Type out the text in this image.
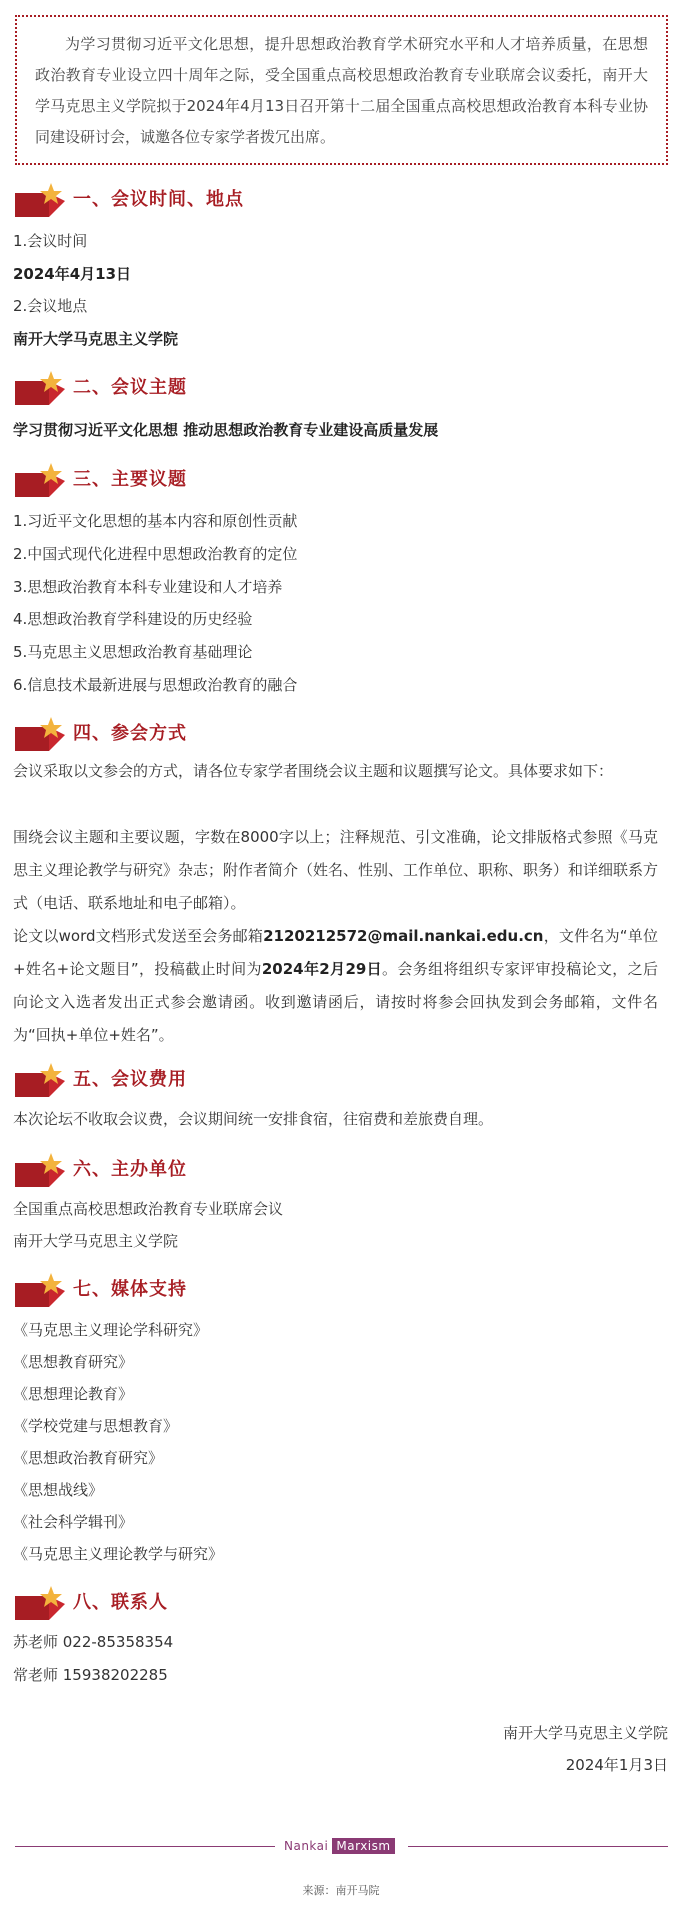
为学习贯彻习近平文化思想，提升思想政治教育学术研究水平和人才培养质量，在思想政治教育专业设立四十周年之际，受全国重点高校思想政治教育专业联席会议委托，南开大学马克思主义学院拟于2024年4月13日召开第十二届全国重点高校思想政治教育本科专业协同建设研讨会，诚邀各位专家学者拨冗出席。

一、会议时间、地点
1.会议时间
2024年4月13日
2.会议地点
南开大学马克思主义学院
二、会议主题
学习贯彻习近平文化思想 推动思想政治教育专业建设高质量发展
三、主要议题
1.习近平文化思想的基本内容和原创性贡献
2.中国式现代化进程中思想政治教育的定位
3.思想政治教育本科专业建设和人才培养
4.思想政治教育学科建设的历史经验
5.马克思主义思想政治教育基础理论
6.信息技术最新进展与思想政治教育的融合
四、参会方式

会议采取以文参会的方式，请各位专家学者围绕会议主题和议题撰写论文。具体要求如下：

围绕会议主题和主要议题，字数在8000字以上；注释规范、引文准确，论文排版格式参照《马克思主义理论教学与研究》杂志；附作者简介（姓名、性别、工作单位、职称、职务）和详细联系方式（电话、联系地址和电子邮箱）。

论文以word文档形式发送至会务邮箱2120212572@mail.nankai.edu.cn，文件名为“单位+姓名+论文题目”，投稿截止时间为2024年2月29日。会务组将组织专家评审投稿论文，之后向论文入选者发出正式参会邀请函。收到邀请函后，请按时将参会回执发到会务邮箱，文件名为“回执+单位+姓名”。

五、会议费用
本次论坛不收取会议费，会议期间统一安排食宿，往宿费和差旅费自理。
六、主办单位
全国重点高校思想政治教育专业联席会议
南开大学马克思主义学院
七、媒体支持
《马克思主义理论学科研究》
《思想教育研究》
《思想理论教育》
《学校党建与思想教育》
《思想政治教育研究》
《思想战线》
《社会科学辑刊》
《马克思主义理论教学与研究》
八、联系人
苏老师 022-85358354
常老师 15938202285
南开大学马克思主义学院
2024年1月3日
Nankai Marxism
来源：南开马院
